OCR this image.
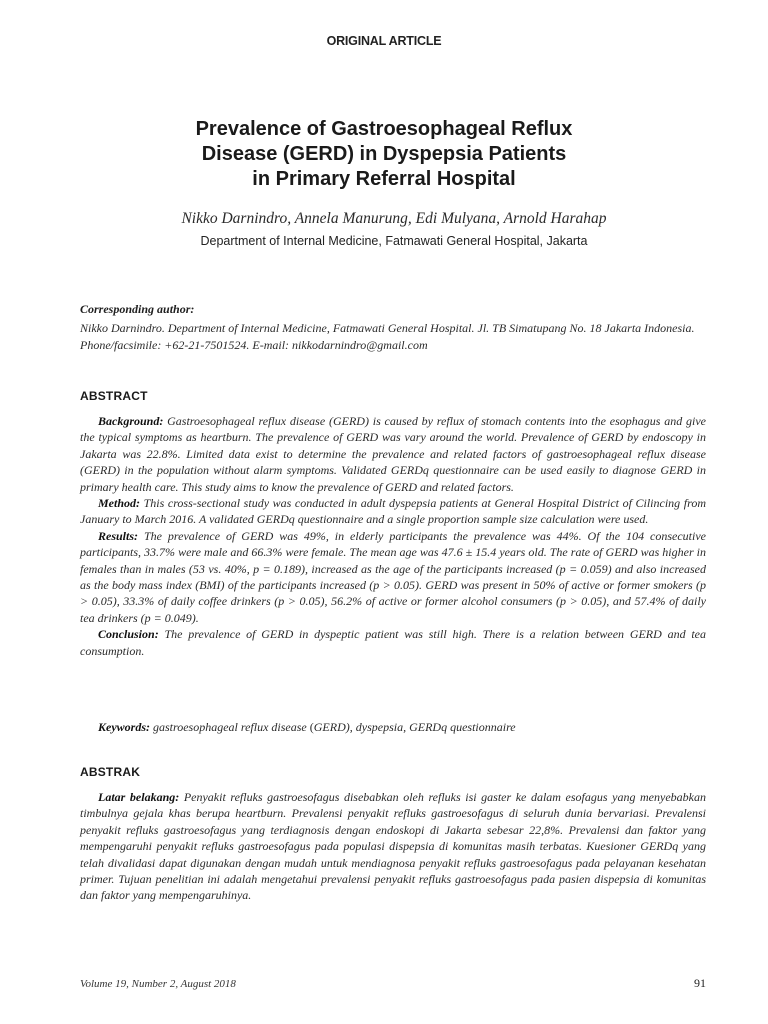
ORIGINAL ARTICLE
Prevalence of Gastroesophageal Reflux
Disease (GERD) in Dyspepsia Patients
in Primary Referral Hospital
Nikko Darnindro, Annela Manurung, Edi Mulyana, Arnold Harahap
Department of Internal Medicine, Fatmawati General Hospital, Jakarta
Corresponding author:
Nikko Darnindro. Department of Internal Medicine, Fatmawati General Hospital. Jl. TB Simatupang No. 18 Jakarta Indonesia. Phone/facsimile: +62-21-7501524. E-mail: nikkodarnindro@gmail.com
ABSTRACT

Background: Gastroesophageal reflux disease (GERD) is caused by reflux of stomach contents into the esophagus and give the typical symptoms as heartburn. The prevalence of GERD was vary around the world. Prevalence of GERD by endoscopy in Jakarta was 22.8%. Limited data exist to determine the prevalence and related factors of gastroesophageal reflux disease (GERD) in the population without alarm symptoms. Validated GERDq questionnaire can be used easily to diagnose GERD in primary health care. This study aims to know the prevalence of GERD and related factors.

Method: This cross-sectional study was conducted in adult dyspepsia patients at General Hospital District of Cilincing from January to March 2016. A validated GERDq questionnaire and a single proportion sample size calculation were used.

Results: The prevalence of GERD was 49%, in elderly participants the prevalence was 44%. Of the 104 consecutive participants, 33.7% were male and 66.3% were female. The mean age was 47.6 ± 15.4 years old. The rate of GERD was higher in females than in males (53 vs. 40%, p = 0.189), increased as the age of the participants increased (p = 0.059) and also increased as the body mass index (BMI) of the participants increased (p > 0.05). GERD was present in 50% of active or former smokers (p > 0.05), 33.3% of daily coffee drinkers (p > 0.05), 56.2% of active or former alcohol consumers (p > 0.05), and 57.4% of daily tea drinkers (p = 0.049).

Conclusion: The prevalence of GERD in dyspeptic patient was still high. There is a relation between GERD and tea consumption.

Keywords: gastroesophageal reflux disease (GERD), dyspepsia, GERDq questionnaire
ABSTRAK

Latar belakang: Penyakit refluks gastroesofagus disebabkan oleh refluks isi gaster ke dalam esofagus yang menyebabkan timbulnya gejala khas berupa heartburn. Prevalensi penyakit refluks gastroesofagus di seluruh dunia bervariasi. Prevalensi penyakit refluks gastroesofagus yang terdiagnosis dengan endoskopi di Jakarta sebesar 22,8%. Prevalensi dan faktor yang mempengaruhi penyakit refluks gastroesofagus pada populasi dispepsia di komunitas masih terbatas. Kuesioner GERDq yang telah divalidasi dapat digunakan dengan mudah untuk mendiagnosa penyakit refluks gastroesofagus pada pelayanan kesehatan primer. Tujuan penelitian ini adalah mengetahui prevalensi penyakit refluks gastroesofagus pada pasien dispepsia di komunitas dan faktor yang mempengaruhinya.

Volume 19, Number 2, August 2018	91
